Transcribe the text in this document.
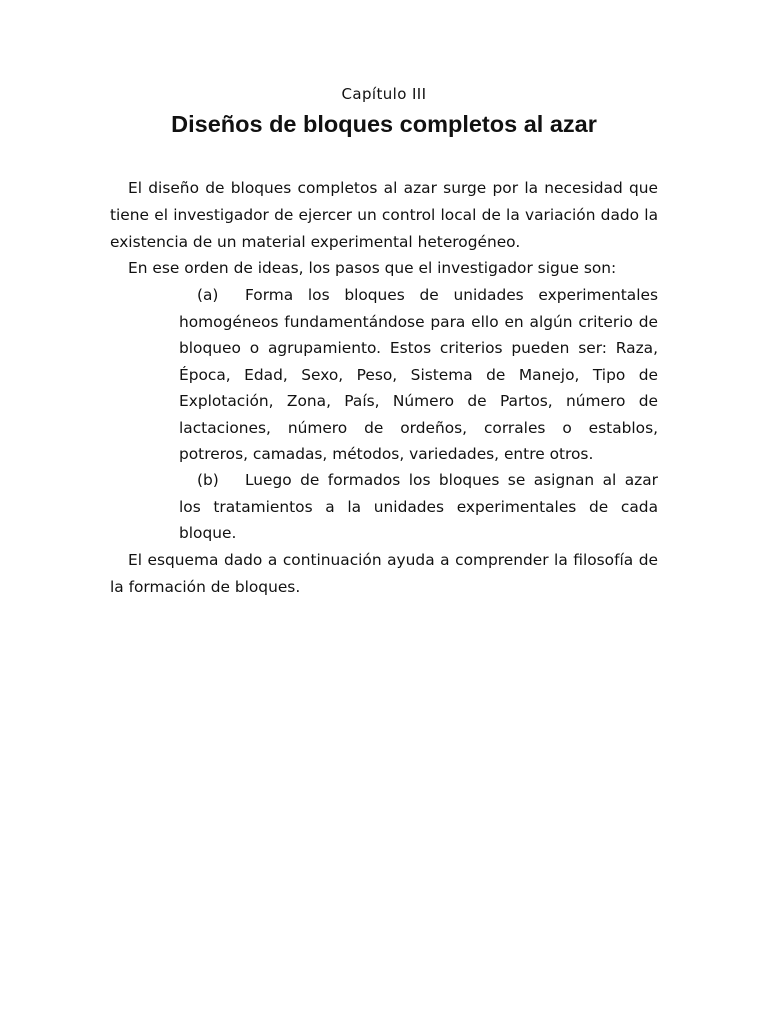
Capítulo III
Diseños de bloques completos al azar
El diseño de bloques completos al azar surge por la necesidad que
tiene el investigador de ejercer un control local de la variación dado la
existencia de un material experimental heterogéneo.
En ese orden de ideas, los pasos que el investigador sigue son:
(a)	Forma los bloques de unidades experimentales
homogéneos fundamentándose para ello en algún criterio de
bloqueo o agrupamiento. Estos criterios pueden ser: Raza,
Época, Edad, Sexo, Peso, Sistema de Manejo, Tipo de
Explotación, Zona, País, Número de Partos, número de
lactaciones, número de ordeños, corrales o establos,
potreros, camadas, métodos, variedades, entre otros.
(b)	Luego de formados los bloques se asignan al azar
los tratamientos a la unidades experimentales de cada
bloque.
El esquema dado a continuación ayuda a comprender la filosofía de
la formación de bloques.
